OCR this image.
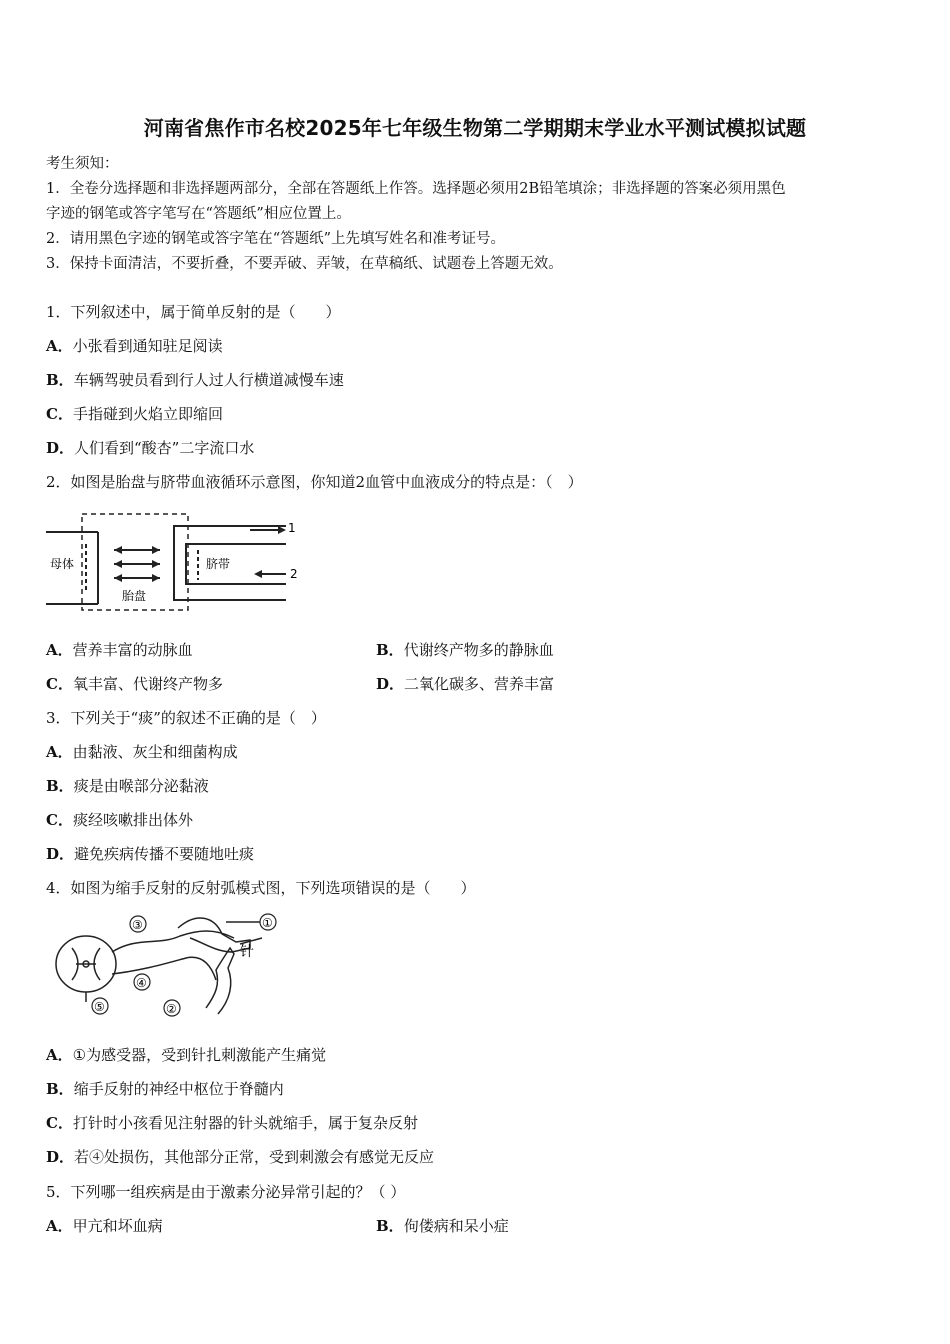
河南省焦作市名校2025年七年级生物第二学期期末学业水平测试模拟试题
考生须知：
1．全卷分选择题和非选择题两部分，全部在答题纸上作答。选择题必须用2B铅笔填涂；非选择题的答案必须用黑色
字迹的钢笔或答字笔写在“答题纸”相应位置上。
2．请用黑色字迹的钢笔或答字笔在“答题纸”上先填写姓名和准考证号。
3．保持卡面清洁，不要折叠，不要弄破、弄皱，在草稿纸、试题卷上答题无效。
1．下列叙述中，属于简单反射的是（　　）
A．小张看到通知驻足阅读
B．车辆驾驶员看到行人过人行横道减慢车速
C．手指碰到火焰立即缩回
D．人们看到“酸杏”二字流口水
2．如图是胎盘与脐带血液循环示意图，你知道2血管中血液成分的特点是：（　）
母体
胎盘
脐带
1
2
A．营养丰富的动脉血	B．代谢终产物多的静脉血
C．氧丰富、代谢终产物多	D．二氧化碳多、营养丰富
3．下列关于“痰”的叙述不正确的是（　）
A．由黏液、灰尘和细菌构成
B．痰是由喉部分泌黏液
C．痰经咳嗽排出体外
D．避免疾病传播不要随地吐痰
4．如图为缩手反射的反射弧模式图，下列选项错误的是（　　）
③	①
④
②
⑤
针
A．①为感受器，受到针扎刺激能产生痛觉
B．缩手反射的神经中枢位于脊髓内
C．打针时小孩看见注射器的针头就缩手，属于复杂反射
D．若④处损伤，其他部分正常，受到刺激会有感觉无反应
5．下列哪一组疾病是由于激素分泌异常引起的？（ ）
A．甲亢和坏血病	B．佝偻病和呆小症
